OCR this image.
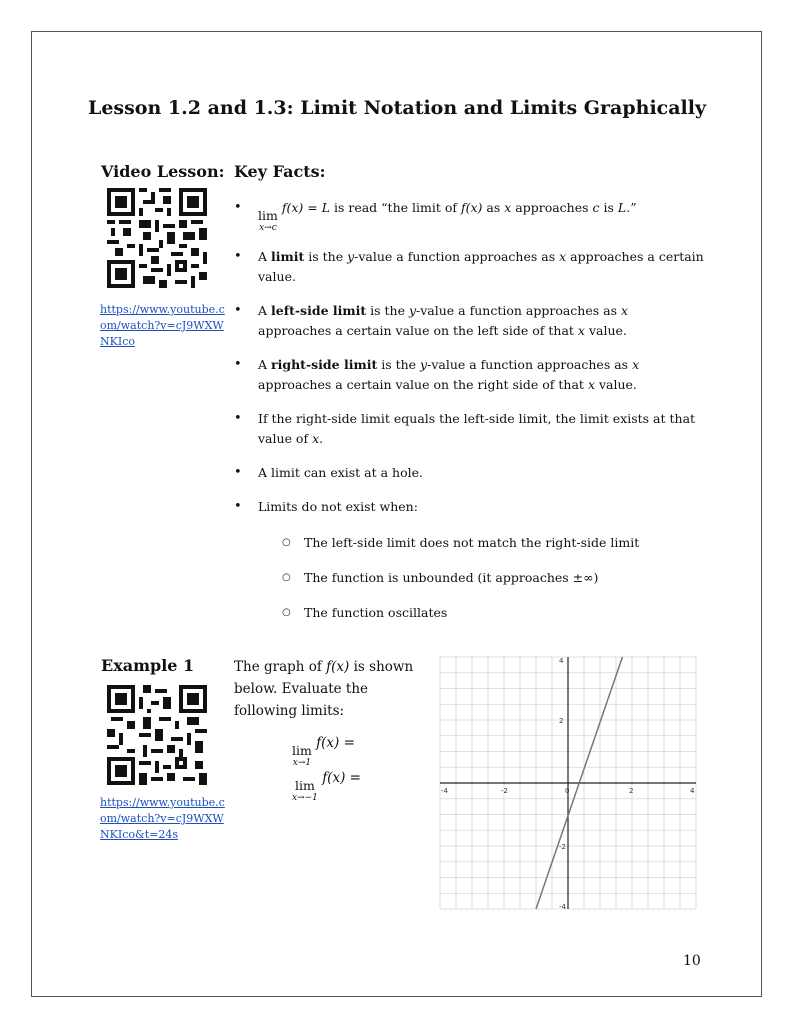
Lesson 1.2 and 1.3: Limit Notation and Limits Graphically
Video Lesson:
https://www.youtube.com/watch?v=cJ9WXWNKIco
Key Facts:
• lim
x→c
f(x) = L is read “the limit of f(x) as x approaches c is L.”
• A limit is the y-value a function approaches as x approaches a certain value.
• A left-side limit is the y-value a function approaches as x approaches a certain value on the left side of that x value.
• A right-side limit is the y-value a function approaches as x approaches a certain value on the right side of that x value.
• If the right-side limit equals the left-side limit, the limit exists at that value of x.
• A limit can exist at a hole.
• Limits do not exist when:
○ The left-side limit does not match the right-side limit
○ The function is unbounded (it approaches ±∞)
○ The function oscillates
Example 1
https://www.youtube.com/watch?v=cJ9WXWNKIco&t=24s
The graph of f(x) is shown below. Evaluate the following limits:
lim
x→1
f(x) =
lim
x→−1
f(x) =
-4	-2	0	2	4
4
2
-2
-4
10
